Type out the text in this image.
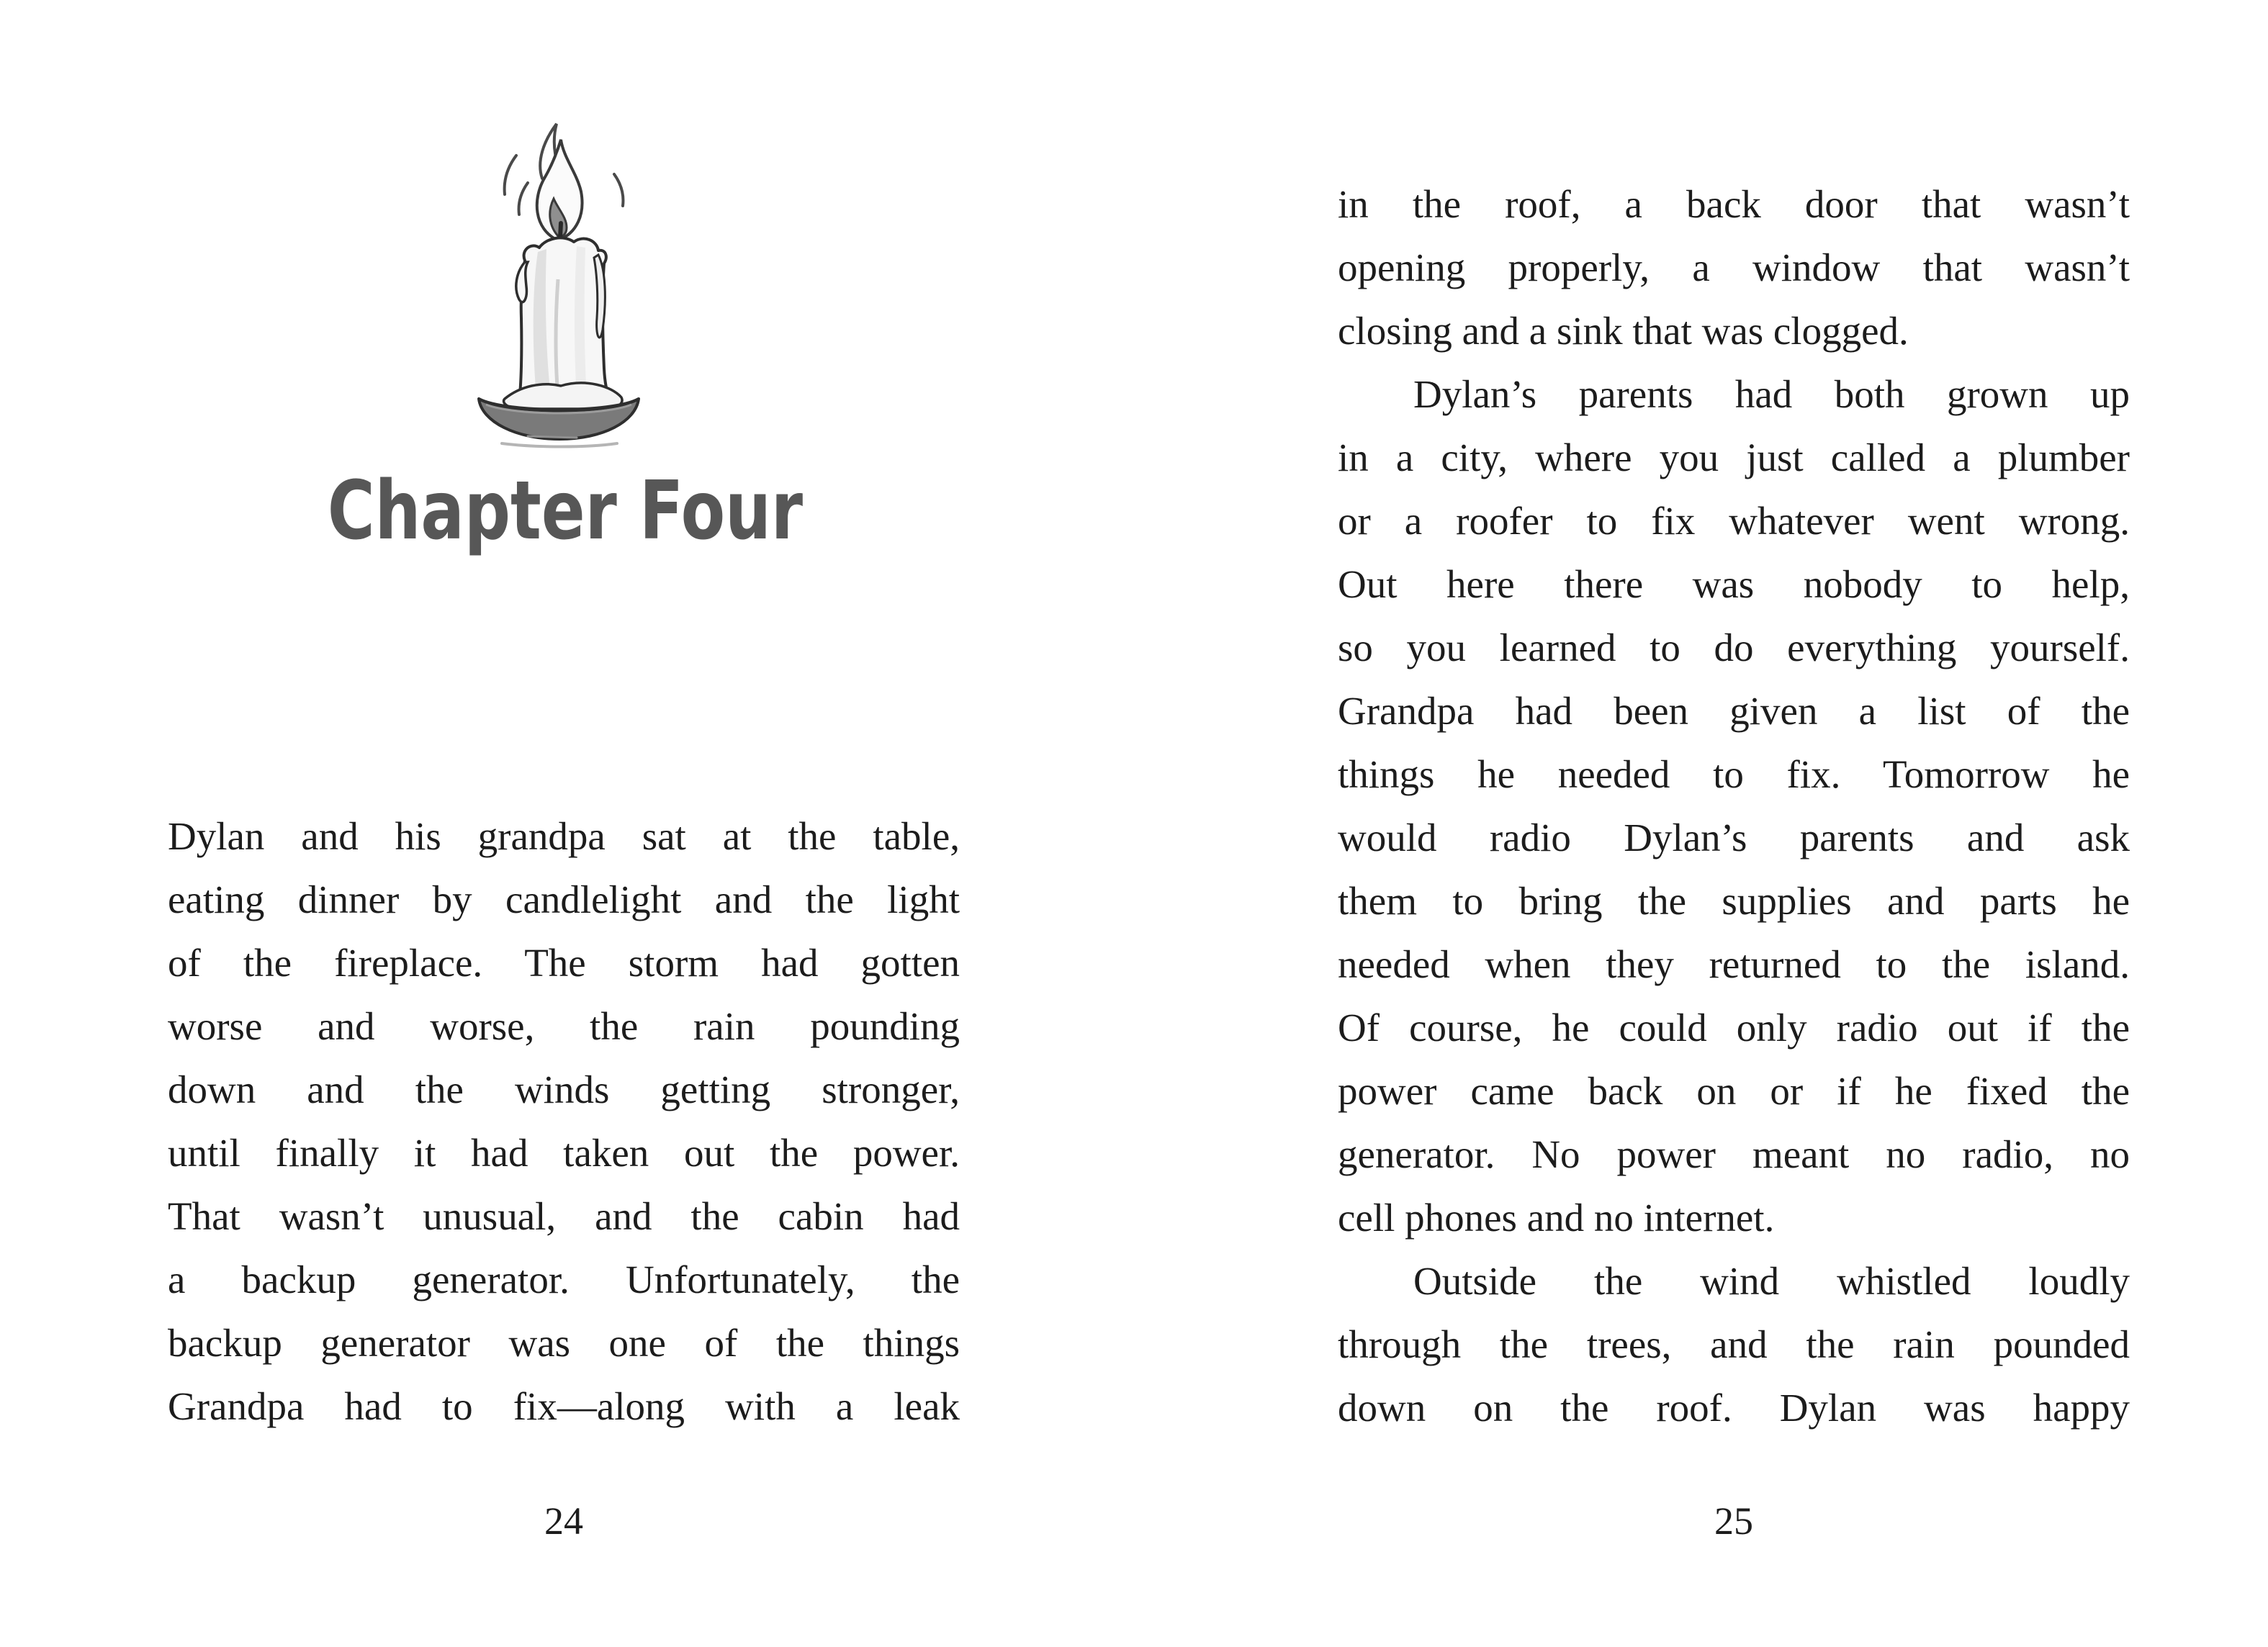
Chapter Four
Dylan and his grandpa sat at the table,
eating dinner by candlelight and the light
of the fireplace. The storm had gotten
worse and worse, the rain pounding
down and the winds getting stronger,
until finally it had taken out the power.
That wasn’t unusual, and the cabin had
a backup generator. Unfortunately, the
backup generator was one of the things
Grandpa had to fix—along with a leak
24
in the roof, a back door that wasn’t
opening properly, a window that wasn’t
closing and a sink that was clogged.
Dylan’s parents had both grown up
in a city, where you just called a plumber
or a roofer to fix whatever went wrong.
Out here there was nobody to help,
so you learned to do everything yourself.
Grandpa had been given a list of the
things he needed to fix. Tomorrow he
would radio Dylan’s parents and ask
them to bring the supplies and parts he
needed when they returned to the island.
Of course, he could only radio out if the
power came back on or if he fixed the
generator. No power meant no radio, no
cell phones and no internet.
Outside the wind whistled loudly
through the trees, and the rain pounded
down on the roof. Dylan was happy
25
